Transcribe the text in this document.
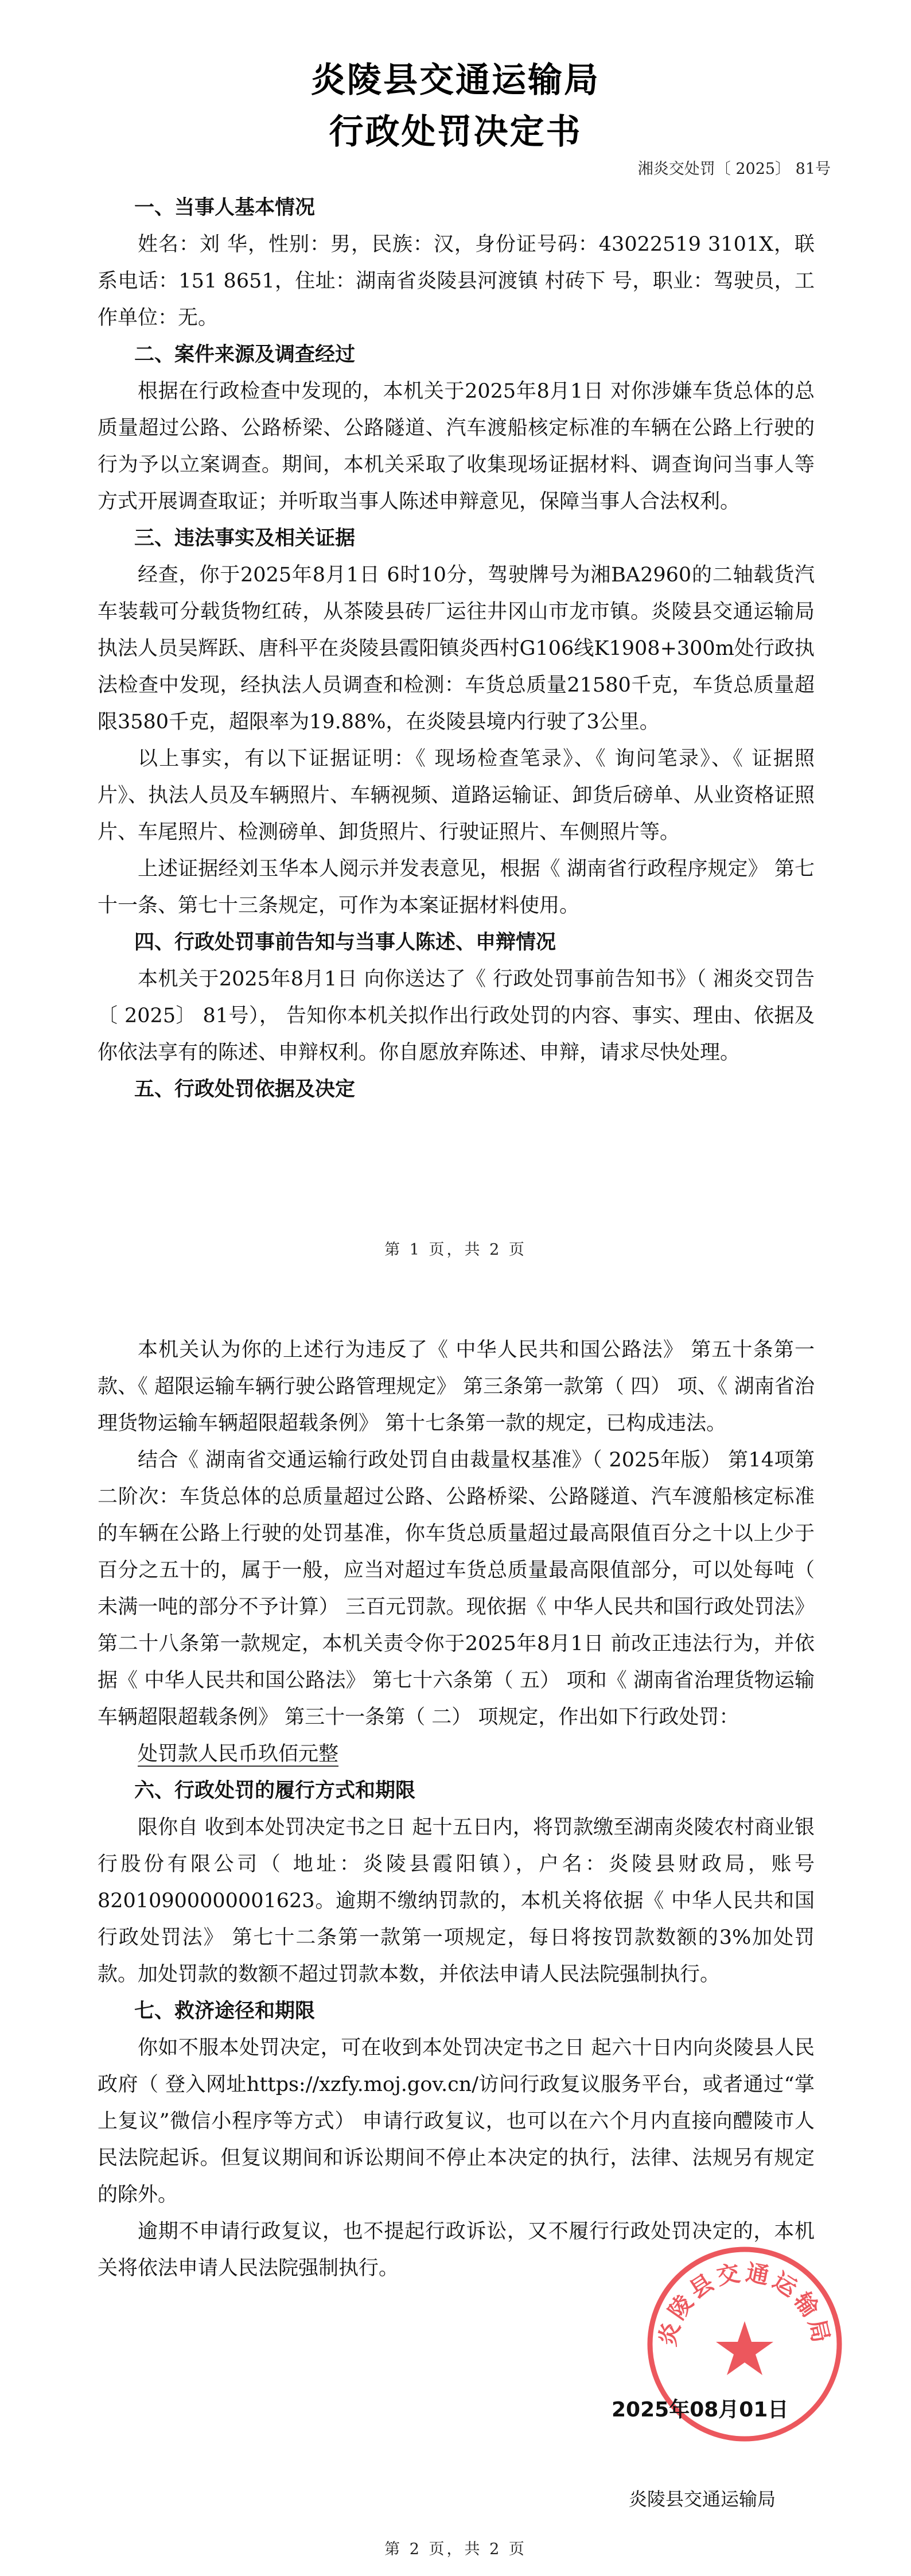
炎陵县交通运输局
行政处罚决定书
湘炎交处罚〔 2025〕 81号
一、当事人基本情况

姓名：刘 华，性别：男，民族：汉，身份证号码：43022519 3101X，联系电话：151 8651，住址：湖南省炎陵县河渡镇 村砖下 号，职业：驾驶员，工作单位：无。

二、案件来源及调查经过

根据在行政检查中发现的，本机关于2025年8月1日 对你涉嫌车货总体的总质量超过公路、公路桥梁、公路隧道、汽车渡船核定标准的车辆在公路上行驶的行为予以立案调查。期间，本机关采取了收集现场证据材料、调查询问当事人等方式开展调查取证；并听取当事人陈述申辩意见，保障当事人合法权利。

三、违法事实及相关证据

经查，你于2025年8月1日 6时10分，驾驶牌号为湘BA2960的二轴载货汽车装载可分载货物红砖，从茶陵县砖厂运往井冈山市龙市镇。炎陵县交通运输局执法人员吴辉跃、唐科平在炎陵县霞阳镇炎西村G106线K1908+300m处行政执法检查中发现，经执法人员调查和检测：车货总质量21580千克，车货总质量超限3580千克，超限率为19.88%，在炎陵县境内行驶了3公里。

以上事实，有以下证据证明：《 现场检查笔录》、《 询问笔录》、《 证据照片》、执法人员及车辆照片、车辆视频、道路运输证、卸货后磅单、从业资格证照片、车尾照片、检测磅单、卸货照片、行驶证照片、车侧照片等。

上述证据经刘玉华本人阅示并发表意见，根据《 湖南省行政程序规定》 第七十一条、第七十三条规定，可作为本案证据材料使用。

四、行政处罚事前告知与当事人陈述、申辩情况

本机关于2025年8月1日 向你送达了《 行政处罚事前告知书》（ 湘炎交罚告〔 2025〕 81号）， 告知你本机关拟作出行政处罚的内容、事实、理由、依据及你依法享有的陈述、申辩权利。你自愿放弃陈述、申辩，请求尽快处理。

五、行政处罚依据及决定
第 1 页，共 2 页

本机关认为你的上述行为违反了《 中华人民共和国公路法》 第五十条第一款、《 超限运输车辆行驶公路管理规定》 第三条第一款第（ 四） 项、《 湖南省治理货物运输车辆超限超载条例》 第十七条第一款的规定，已构成违法。

结合《 湖南省交通运输行政处罚自由裁量权基准》（ 2025年版） 第14项第二阶次：车货总体的总质量超过公路、公路桥梁、公路隧道、汽车渡船核定标准的车辆在公路上行驶的处罚基准，你车货总质量超过最高限值百分之十以上少于百分之五十的，属于一般，应当对超过车货总质量最高限值部分，可以处每吨（ 未满一吨的部分不予计算） 三百元罚款。现依据《 中华人民共和国行政处罚法》 第二十八条第一款规定，本机关责令你于2025年8月1日 前改正违法行为，并依据《 中华人民共和国公路法》 第七十六条第（ 五） 项和《 湖南省治理货物运输车辆超限超载条例》 第三十一条第（ 二） 项规定，作出如下行政处罚：

处罚款人民币玖佰元整

六、行政处罚的履行方式和期限

限你自 收到本处罚决定书之日 起十五日内，将罚款缴至湖南炎陵农村商业银行股份有限公司（ 地址：炎陵县霞阳镇），户名：炎陵县财政局，账号 82010900000001623。逾期不缴纳罚款的，本机关将依据《 中华人民共和国行政处罚法》 第七十二条第一款第一项规定，每日将按罚款数额的3%加处罚款。加处罚款的数额不超过罚款本数，并依法申请人民法院强制执行。

七、救济途径和期限

你如不服本处罚决定，可在收到本处罚决定书之日 起六十日内向炎陵县人民政府（ 登入网址https://xzfy.moj.gov.cn/访问行政复议服务平台，或者通过“掌上复议”微信小程序等方式） 申请行政复议，也可以在六个月内直接向醴陵市人民法院起诉。但复议期间和诉讼期间不停止本决定的执行，法律、法规另有规定的除外。

逾期不申请行政复议，也不提起行政诉讼，又不履行行政处罚决定的，本机关将依法申请人民法院强制执行。

炎陵县交通运输局
2025年08月01日
炎陵县交通运输局
第 2 页，共 2 页
